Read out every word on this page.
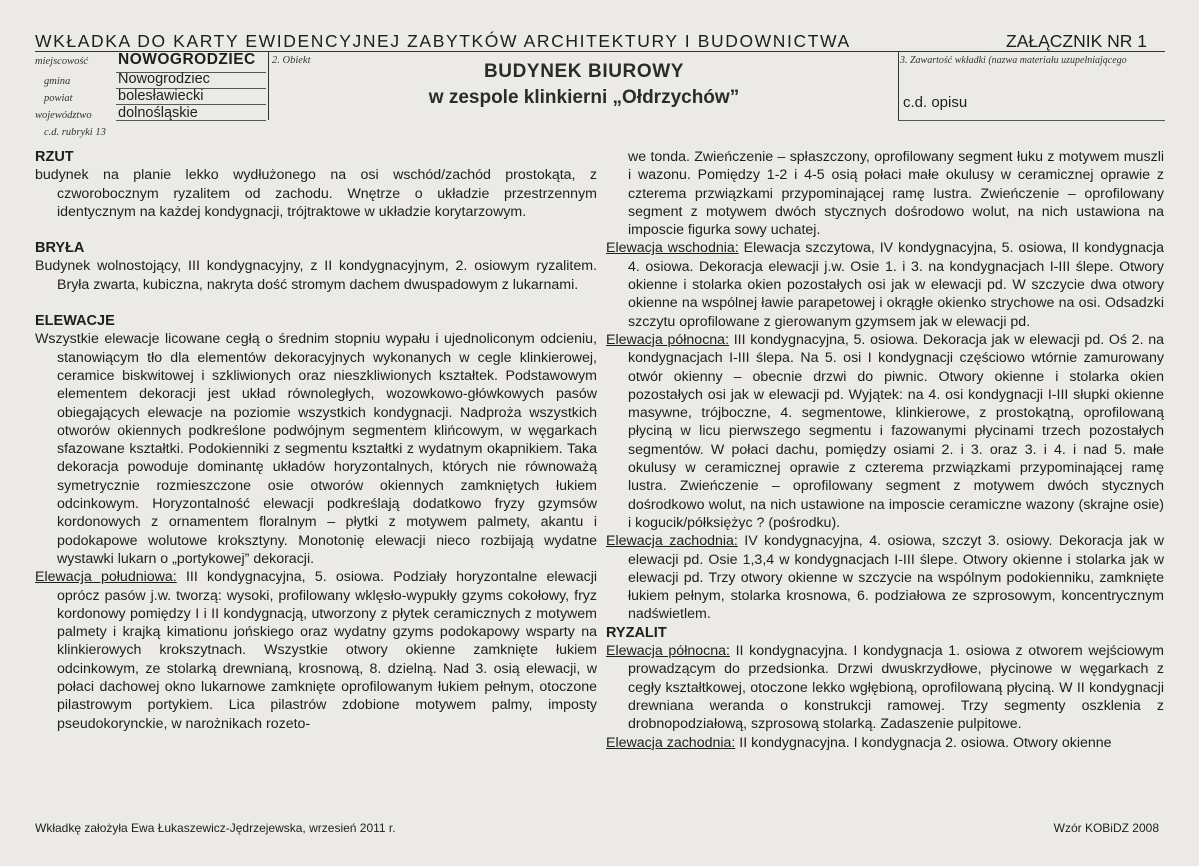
WKŁADKA DO KARTY EWIDENCYJNEJ ZABYTKÓW ARCHITEKTURY I BUDOWNICTWA	ZAŁĄCZNIK NR 1
miejscowość NOWOGRODZIEC
gmina	Nowogrodziec
powiat	bolesławiecki
województwo dolnośląskie
2. Obiekt
BUDYNEK BIUROWY
w zespole klinkierni „Ołdrzychów”
3. Zawartość wkładki (nazwa materiału uzupełniającego
c.d. opisu
c.d. rubryki 13

RZUT

budynek na planie lekko wydłużonego na osi wschód/zachód prostokąta, z czworobocznym ryzalitem od zachodu. Wnętrze o układzie przestrzennym identycznym na każdej kondygnacji, trójtraktowe w układzie korytarzowym.

BRYŁA

Budynek wolnostojący, III kondygnacyjny, z II kondygnacyjnym, 2. osiowym ryzalitem. Bryła zwarta, kubiczna, nakryta dość stromym dachem dwuspadowym z lukarnami.

ELEWACJE

Wszystkie elewacje licowane cegłą o średnim stopniu wypału i ujednoliconym odcieniu, stanowiącym tło dla elementów dekoracyjnych wykonanych w cegle klinkierowej, ceramice biskwitowej i szkliwionych oraz nieszkliwionych kształtek. Podstawowym elementem dekoracji jest układ równoległych, wozowkowo-główkowych pasów obiegających elewacje na poziomie wszystkich kondygnacji. Nadproża wszystkich otworów okiennych podkreślone podwójnym segmentem klińcowym, w węgarkach sfazowane kształtki. Podokienniki z segmentu kształtki z wydatnym okapnikiem. Taka dekoracja powoduje dominantę układów horyzontalnych, których nie równoważą symetrycznie rozmieszczone osie otworów okiennych zamkniętych łukiem odcinkowym. Horyzontalność elewacji podkreślają dodatkowo fryzy gzymsów kordonowych z ornamentem floralnym – płytki z motywem palmety, akantu i podokapowe wolutowe kroksztyny. Monotonię elewacji nieco rozbijają wydatne wystawki lukarn o „portykowej” dekoracji.

Elewacja południowa: III kondygnacyjna, 5. osiowa. Podziały horyzontalne elewacji oprócz pasów j.w. tworzą: wysoki, profilowany wklęsło-wypukły gzyms cokołowy, fryz kordonowy pomiędzy I i II kondygnacją, utworzony z płytek ceramicznych z motywem palmety i krajką kimationu jońskiego oraz wydatny gzyms podokapowy wsparty na klinkierowych krokszytnach. Wszystkie otwory okienne zamknięte łukiem odcinkowym, ze stolarką drewnianą, krosnową, 8. dzielną. Nad 3. osią elewacji, w połaci dachowej okno lukarnowe zamknięte oprofilowanym łukiem pełnym, otoczone pilastrowym portykiem. Lica pilastrów zdobione motywem palmy, imposty pseudokorynckie, w narożnikach rozeto-

we tonda. Zwieńczenie – spłaszczony, oprofilowany segment łuku z motywem muszli i wazonu. Pomiędzy 1-2 i 4-5 osią połaci małe okulusy w ceramicznej oprawie z czterema przwiązkami przypominającej ramę lustra. Zwieńczenie – oprofilowany segment z motywem dwóch stycznych dośrodowo wolut, na nich ustawiona na imposcie figurka sowy uchatej.

Elewacja wschodnia: Elewacja szczytowa, IV kondygnacyjna, 5. osiowa, II kondygnacja 4. osiowa. Dekoracja elewacji j.w. Osie 1. i 3. na kondygnacjach I-III ślepe. Otwory okienne i stolarka okien pozostałych osi jak w elewacji pd. W szczycie dwa otwory okienne na wspólnej ławie parapetowej i okrągłe okienko strychowe na osi. Odsadzki szczytu oprofilowane z gierowanym gzymsem jak w elewacji pd.

Elewacja północna: III kondygnacyjna, 5. osiowa. Dekoracja jak w elewacji pd. Oś 2. na kondygnacjach I-III ślepa. Na 5. osi I kondygnacji częściowo wtórnie zamurowany otwór okienny – obecnie drzwi do piwnic. Otwory okienne i stolarka okien pozostałych osi jak w elewacji pd. Wyjątek: na 4. osi kondygnacji I-III słupki okienne masywne, trójboczne, 4. segmentowe, klinkierowe, z prostokątną, oprofilowaną płyciną w licu pierwszego segmentu i fazowanymi płycinami trzech pozostałych segmentów. W połaci dachu, pomiędzy osiami 2. i 3. oraz 3. i 4. i nad 5. małe okulusy w ceramicznej oprawie z czterema przwiązkami przypominającej ramę lustra. Zwieńczenie – oprofilowany segment z motywem dwóch stycznych dośrodkowo wolut, na nich ustawione na imposcie ceramiczne wazony (skrajne osie) i kogucik/półksiężyc ? (pośrodku).

Elewacja zachodnia: IV kondygnacyjna, 4. osiowa, szczyt 3. osiowy. Dekoracja jak w elewacji pd. Osie 1,3,4 w kondygnacjach I-III ślepe. Otwory okienne i stolarka jak w elewacji pd. Trzy otwory okienne w szczycie na wspólnym podokienniku, zamknięte łukiem pełnym, stolarka krosnowa, 6. podziałowa ze szprosowym, koncentrycznym nadświetlem.

RYZALIT

Elewacja północna: II kondygnacyjna. I kondygnacja 1. osiowa z otworem wejściowym prowadzącym do przedsionka. Drzwi dwuskrzydłowe, płycinowe w węgarkach z cegły kształtkowej, otoczone lekko wgłębioną, oprofilowaną płyciną. W II kondygnacji drewniana weranda o konstrukcji ramowej. Trzy segmenty oszklenia z drobnopodziałową, szprosową stolarką. Zadaszenie pulpitowe.

Elewacja zachodnia: II kondygnacyjna. I kondygnacja 2. osiowa. Otwory okienne

Wkładkę założyła Ewa Łukaszewicz-Jędrzejewska, wrzesień 2011 r.	Wzór KOBiDZ 2008
